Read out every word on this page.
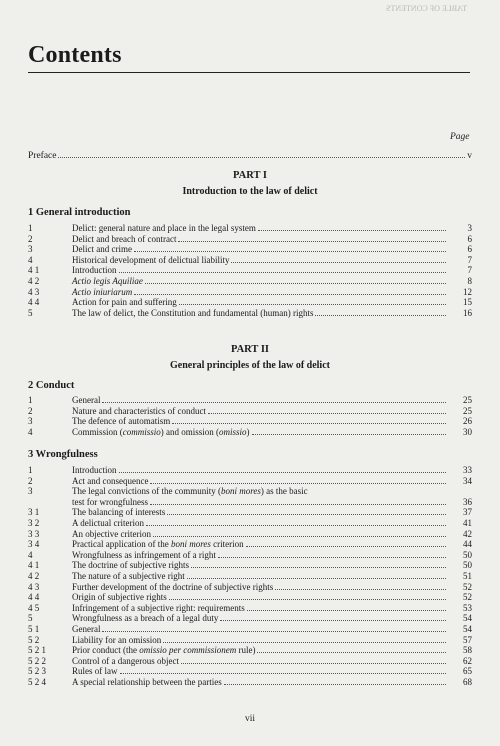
TABLE OF CONTENTS
Contents
Page
Preface	v
PART I
Introduction to the law of delict
1 General introduction
1	Delict: general nature and place in the legal system	3
2	Delict and breach of contract	6
3	Delict and crime	6
4	Historical development of delictual liability	7
4 1	Introduction	7
4 2	Actio legis Aquiliae	8
4 3	Actio iniuriarum	12
4 4	Action for pain and suffering	15
5	The law of delict, the Constitution and fundamental (human) rights	16
PART II
General principles of the law of delict
2 Conduct
1	General	25
2	Nature and characteristics of conduct	25
3	The defence of automatism	26
4	Commission (commissio) and omission (omissio)	30
3 Wrongfulness
1	Introduction	33
2	Act and consequence	34
3	The legal convictions of the community (boni mores) as the basic
test for wrongfulness	36
3 1	The balancing of interests	37
3 2	A delictual criterion	41
3 3	An objective criterion	42
3 4	Practical application of the boni mores criterion	44
4	Wrongfulness as infringement of a right	50
4 1	The doctrine of subjective rights	50
4 2	The nature of a subjective right	51
4 3	Further development of the doctrine of subjective rights	52
4 4	Origin of subjective rights	52
4 5	Infringement of a subjective right: requirements	53
5	Wrongfulness as a breach of a legal duty	54
5 1	General	54
5 2	Liability for an omission	57
5 2 1	Prior conduct (the omissio per commissionem rule)	58
5 2 2	Control of a dangerous object	62
5 2 3	Rules of law	65
5 2 4	A special relationship between the parties	68
vii
